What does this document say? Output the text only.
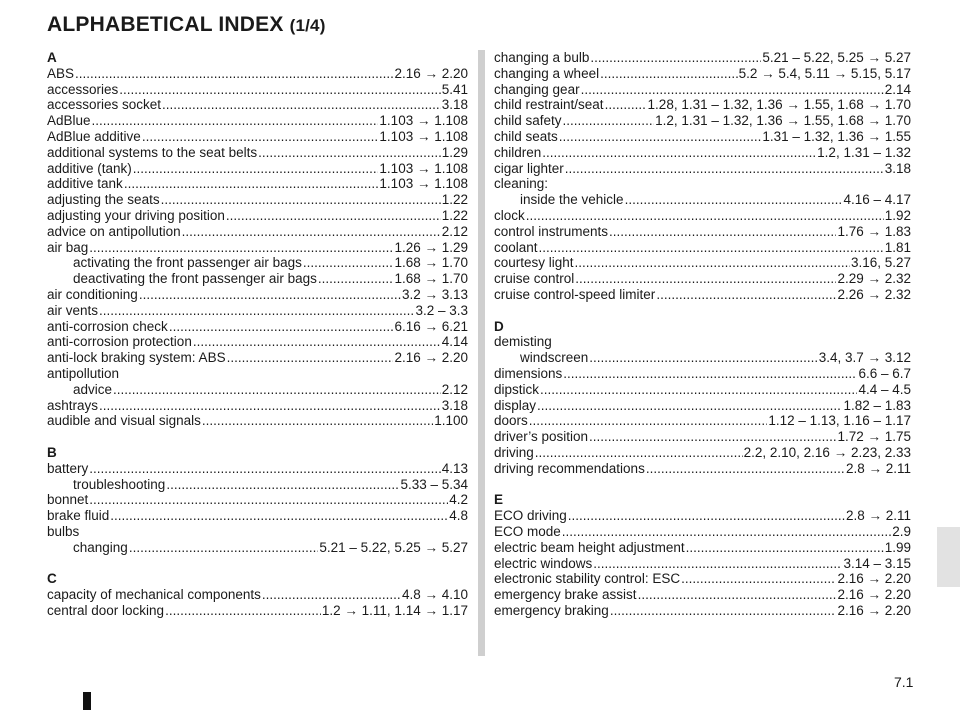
ALPHABETICAL INDEX (1/4)
A
ABS .....	2.16 → 2.20
accessories .....	5.41
accessories socket .....	3.18
AdBlue .....	1.103 → 1.108
AdBlue additive .....	1.103 → 1.108
additional systems to the seat belts .....	1.29
additive (tank) .....	1.103 → 1.108
additive tank .....	1.103 → 1.108
adjusting the seats .....	1.22
adjusting your driving position .....	1.22
advice on antipollution .....	2.12
air bag .....	1.26 → 1.29
activating the front passenger air bags .....	1.68 → 1.70
deactivating the front passenger air bags .....	1.68 → 1.70
air conditioning .....	3.2 → 3.13
air vents .....	3.2 – 3.3
anti-corrosion check .....	6.16 → 6.21
anti-corrosion protection .....	4.14
anti-lock braking system: ABS .....	2.16 → 2.20
antipollution
advice .....	2.12
ashtrays .....	3.18
audible and visual signals .....	1.100
B
battery .....	4.13
troubleshooting .....	5.33 – 5.34
bonnet .....	4.2
brake fluid .....	4.8
bulbs
changing .....	5.21 – 5.22, 5.25 → 5.27
C
capacity of mechanical components .....	4.8 → 4.10
central door locking .....	1.2 → 1.11, 1.14 → 1.17
changing a bulb .....	5.21 – 5.22, 5.25 → 5.27
changing a wheel .....	5.2 → 5.4, 5.11 → 5.15, 5.17
changing gear .....	2.14
child restraint/seat .....	1.28, 1.31 – 1.32, 1.36 → 1.55, 1.68 → 1.70
child safety .....	1.2, 1.31 – 1.32, 1.36 → 1.55, 1.68 → 1.70
child seats .....	1.31 – 1.32, 1.36 → 1.55
children .....	1.2, 1.31 – 1.32
cigar lighter .....	3.18
cleaning:
inside the vehicle .....	4.16 – 4.17
clock .....	1.92
control instruments .....	1.76 → 1.83
coolant .....	1.81
courtesy light .....	3.16, 5.27
cruise control .....	2.29 → 2.32
cruise control-speed limiter .....	2.26 → 2.32
D
demisting
windscreen .....	3.4, 3.7 → 3.12
dimensions .....	6.6 – 6.7
dipstick .....	4.4 – 4.5
display .....	1.82 – 1.83
doors .....	1.12 – 1.13, 1.16 – 1.17
driver’s position .....	1.72 → 1.75
driving .....	2.2, 2.10, 2.16 → 2.23, 2.33
driving recommendations .....	2.8 → 2.11
E
ECO driving .....	2.8 → 2.11
ECO mode .....	2.9
electric beam height adjustment .....	1.99
electric windows .....	3.14 – 3.15
electronic stability control: ESC .....	2.16 → 2.20
emergency brake assist .....	2.16 → 2.20
emergency braking .....	2.16 → 2.20
7.1
